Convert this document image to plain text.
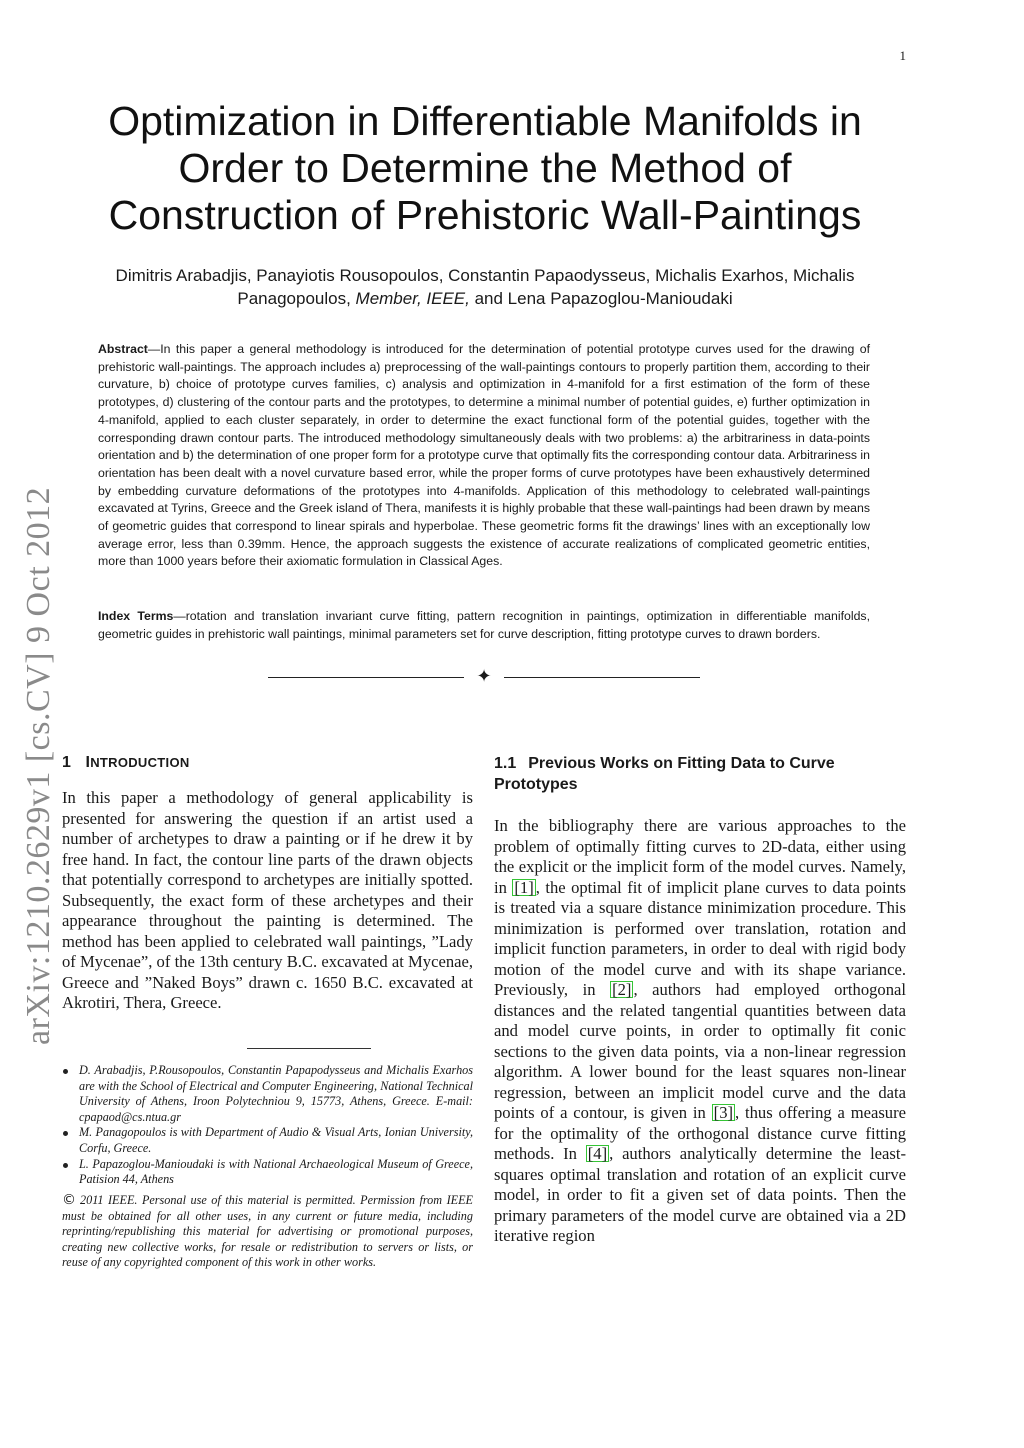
1
arXiv:1210.2629v1 [cs.CV] 9 Oct 2012
Optimization in Differentiable Manifolds in Order to Determine the Method of Construction of Prehistoric Wall-Paintings
Dimitris Arabadjis, Panayiotis Rousopoulos, Constantin Papaodysseus, Michalis Exarhos, Michalis Panagopoulos, Member, IEEE, and Lena Papazoglou-Manioudaki

Abstract—In this paper a general methodology is introduced for the determination of potential prototype curves used for the drawing of prehistoric wall-paintings. The approach includes a) preprocessing of the wall-paintings contours to properly partition them, according to their curvature, b) choice of prototype curves families, c) analysis and optimization in 4-manifold for a first estimation of the form of these prototypes, d) clustering of the contour parts and the prototypes, to determine a minimal number of potential guides, e) further optimization in 4-manifold, applied to each cluster separately, in order to determine the exact functional form of the potential guides, together with the corresponding drawn contour parts. The introduced methodology simultaneously deals with two problems: a) the arbitrariness in data-points orientation and b) the determination of one proper form for a prototype curve that optimally fits the corresponding contour data. Arbitrariness in orientation has been dealt with a novel curvature based error, while the proper forms of curve prototypes have been exhaustively determined by embedding curvature deformations of the prototypes into 4-manifolds. Application of this methodology to celebrated wall-paintings excavated at Tyrins, Greece and the Greek island of Thera, manifests it is highly probable that these wall-paintings had been drawn by means of geometric guides that correspond to linear spirals and hyperbolae. These geometric forms fit the drawings’ lines with an exceptionally low average error, less than 0.39mm. Hence, the approach suggests the existence of accurate realizations of complicated geometric entities, more than 1000 years before their axiomatic formulation in Classical Ages.

Index Terms—rotation and translation invariant curve fitting, pattern recognition in paintings, optimization in differentiable manifolds, geometric guides in prehistoric wall paintings, minimal parameters set for curve description, fitting prototype curves to drawn borders.

✦
1 INTRODUCTION

In this paper a methodology of general applicability is presented for answering the question if an artist used a number of archetypes to draw a painting or if he drew it by free hand. In fact, the contour line parts of the drawn objects that potentially correspond to archetypes are initially spotted. Subsequently, the exact form of these archetypes and their appearance throughout the painting is determined. The method has been applied to celebrated wall paintings, ”Lady of Mycenae”, of the 13th century B.C. excavated at Mycenae, Greece and ”Naked Boys” drawn c. 1650 B.C. excavated at Akrotiri, Thera, Greece.

D. Arabadjis, P.Rousopoulos, Constantin Papapodysseus and Michalis Exarhos are with the School of Electrical and Computer Engineering, National Technical University of Athens, Iroon Polytechniou 9, 15773, Athens, Greece. E-mail: cpapaod@cs.ntua.gr
M. Panagopoulos is with Department of Audio & Visual Arts, Ionian University, Corfu, Greece.
L. Papazoglou-Manioudaki is with National Archaeological Museum of Greece, Patision 44, Athens

© 2011 IEEE. Personal use of this material is permitted. Permission from IEEE must be obtained for all other uses, in any current or future media, including reprinting/republishing this material for advertising or promotional purposes, creating new collective works, for resale or redistribution to servers or lists, or reuse of any copyrighted component of this work in other works.

1.1 Previous Works on Fitting Data to Curve Prototypes

In the bibliography there are various approaches to the problem of optimally fitting curves to 2D-data, either using the explicit or the implicit form of the model curves. Namely, in [1] , the optimal fit of implicit plane curves to data points is treated via a square distance minimization procedure. This minimization is performed over translation, rotation and implicit function parameters, in order to deal with rigid body motion of the model curve and with its shape variance. Previously, in [2] , authors had employed orthogonal distances and the related tangential quantities between data and model curve points, in order to optimally fit conic sections to the given data points, via a non-linear regression algorithm. A lower bound for the least squares non-linear regression, between an implicit model curve and the data points of a contour, is given in [3] , thus offering a measure for the optimality of the orthogonal distance curve fitting methods. In [4] , authors analytically determine the least-squares optimal translation and rotation of an explicit curve model, in order to fit a given set of data points. Then the primary parameters of the model curve are obtained via a 2D iterative region
